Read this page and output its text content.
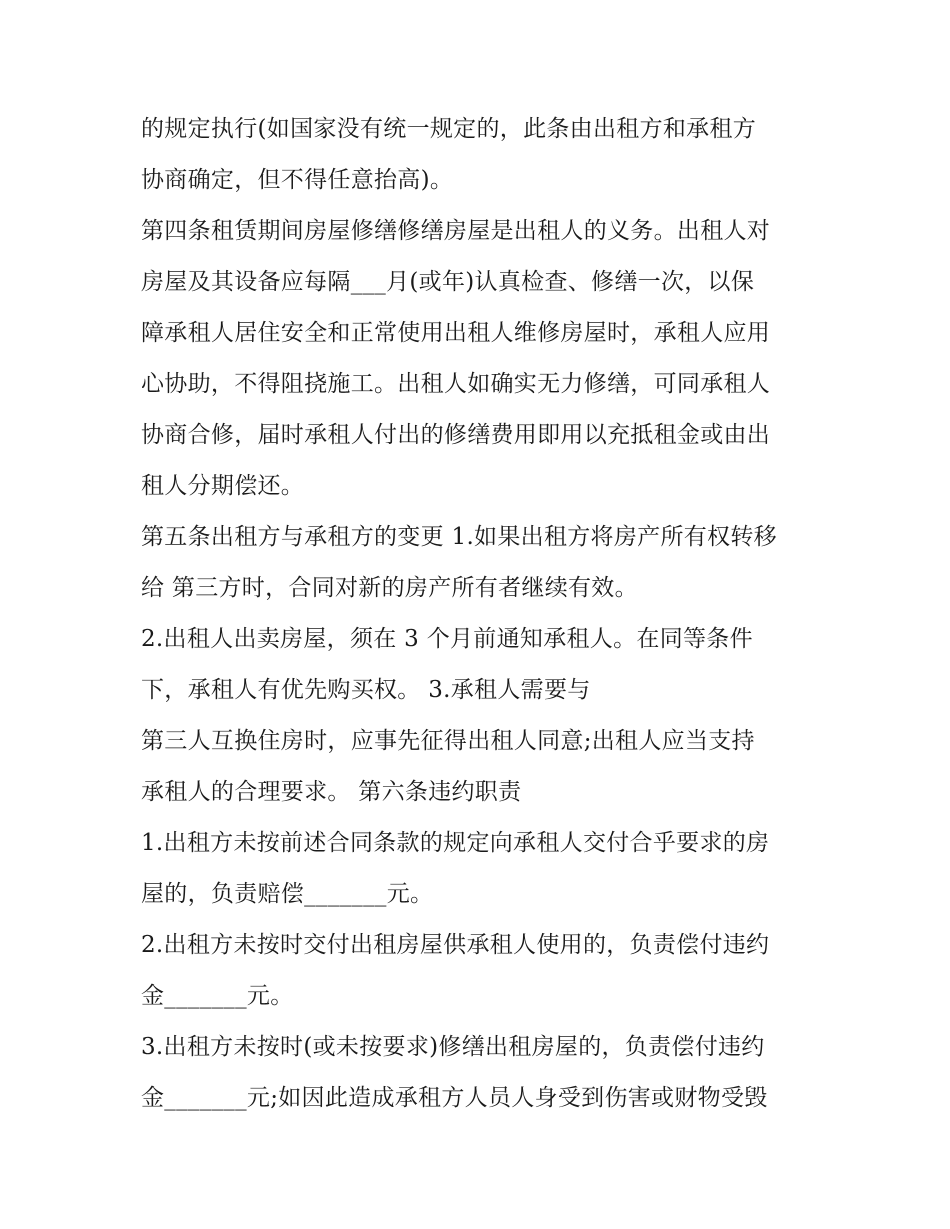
的规定执行(如国家没有统一规定的，此条由出租方和承租方
协商确定，但不得任意抬高)。
第四条租赁期间房屋修缮修缮房屋是出租人的义务。出租人对
房屋及其设备应每隔___月(或年)认真检查、修缮一次，以保
障承租人居住安全和正常使用出租人维修房屋时，承租人应用
心协助，不得阻挠施工。出租人如确实无力修缮，可同承租人
协商合修，届时承租人付出的修缮费用即用以充抵租金或由出
租人分期偿还。
第五条出租方与承租方的变更 1.如果出租方将房产所有权转移
给 第三方时，合同对新的房产所有者继续有效。
2.出租人出卖房屋，须在 3 个月前通知承租人。在同等条件
下，承租人有优先购买权。 3.承租人需要与
第三人互换住房时，应事先征得出租人同意;出租人应当支持
承租人的合理要求。 第六条违约职责
1.出租方未按前述合同条款的规定向承租人交付合乎要求的房
屋的，负责赔偿_______元。
2.出租方未按时交付出租房屋供承租人使用的，负责偿付违约
金_______元。
3.出租方未按时(或未按要求)修缮出租房屋的，负责偿付违约
金_______元;如因此造成承租方人员人身受到伤害或财物受毁
